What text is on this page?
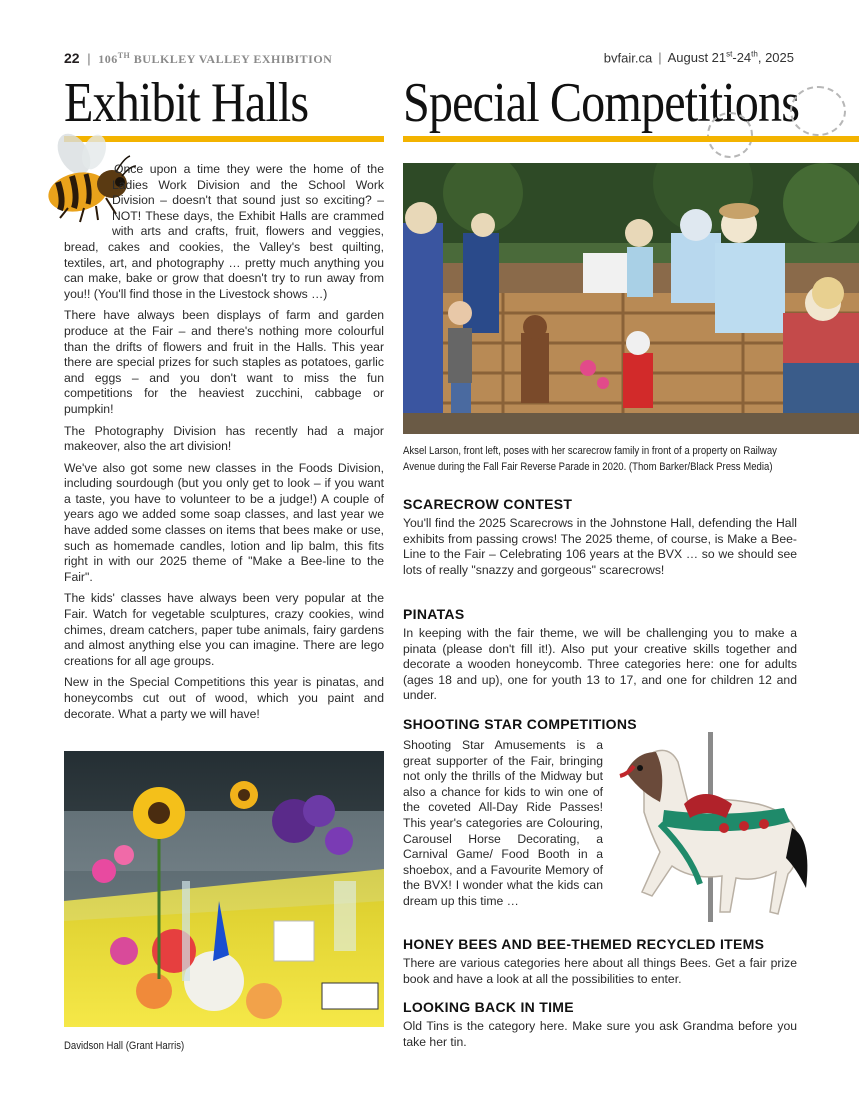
22 | 106TH BULKLEY VALLEY EXHIBITION	bvfair.ca | August 21st-24th, 2025
Exhibit Halls Special Competitions

Once upon a time they were the home of the Ladies Work Division and the School Work Division – doesn't that sound just so exciting? – NOT! These days, the Exhibit Halls are crammed with arts and crafts, fruit, flowers and veggies, bread, cakes and cookies, the Valley's best quilting, textiles, art, and photography … pretty much anything you can make, bake or grow that doesn't try to run away from you!! (You'll find those in the Livestock shows …)

There have always been displays of farm and garden produce at the Fair – and there's nothing more colourful than the drifts of flowers and fruit in the Halls. This year there are special prizes for such staples as potatoes, garlic and eggs – and you don't want to miss the fun competitions for the heaviest zucchini, cabbage or pumpkin!

The Photography Division has recently had a major makeover, also the art division!

We've also got some new classes in the Foods Division, including sourdough (but you only get to look – if you want a taste, you have to volunteer to be a judge!) A couple of years ago we added some soap classes, and last year we have added some classes on items that bees make or use, such as homemade candles, lotion and lip balm, this fits right in with our 2025 theme of "Make a Bee-line to the Fair".

The kids' classes have always been very popular at the Fair. Watch for vegetable sculptures, crazy cookies, wind chimes, dream catchers, paper tube animals, fairy gardens and almost anything else you can imagine. There are lego creations for all age groups.

New in the Special Competitions this year is pinatas, and honeycombs cut out of wood, which you paint and decorate. What a party we will have!

Davidson Hall (Grant Harris)
Aksel Larson, front left, poses with her scarecrow family in front of a property on Railway
Avenue during the Fall Fair Reverse Parade in 2020. (Thom Barker/Black Press Media)

SCARECROW CONTEST

You'll find the 2025 Scarecrows in the Johnstone Hall, defending the Hall exhibits from passing crows! The 2025 theme, of course, is Make a Bee-Line to the Fair – Celebrating 106 years at the BVX … so we should see lots of really "snazzy and gorgeous" scarecrows!

PINATAS

In keeping with the fair theme, we will be challenging you to make a pinata (please don't fill it!). Also put your creative skills together and decorate a wooden honeycomb. Three categories here: one for adults (ages 18 and up), one for youth 13 to 17, and one for children 12 and under.

SHOOTING STAR COMPETITIONS

Shooting Star Amusements is a great supporter of the Fair, bringing not only the thrills of the Midway but also a chance for kids to win one of the coveted All-Day Ride Passes! This year's categories are Colouring, Carousel Horse Decorating, a Carnival Game/ Food Booth in a shoebox, and a Favourite Memory of the BVX! I wonder what the kids can dream up this time …

HONEY BEES AND BEE-THEMED RECYCLED ITEMS

There are various categories here about all things Bees. Get a fair prize book and have a look at all the possibilities to enter.

LOOKING BACK IN TIME

Old Tins is the category here. Make sure you ask Grandma before you take her tin.
